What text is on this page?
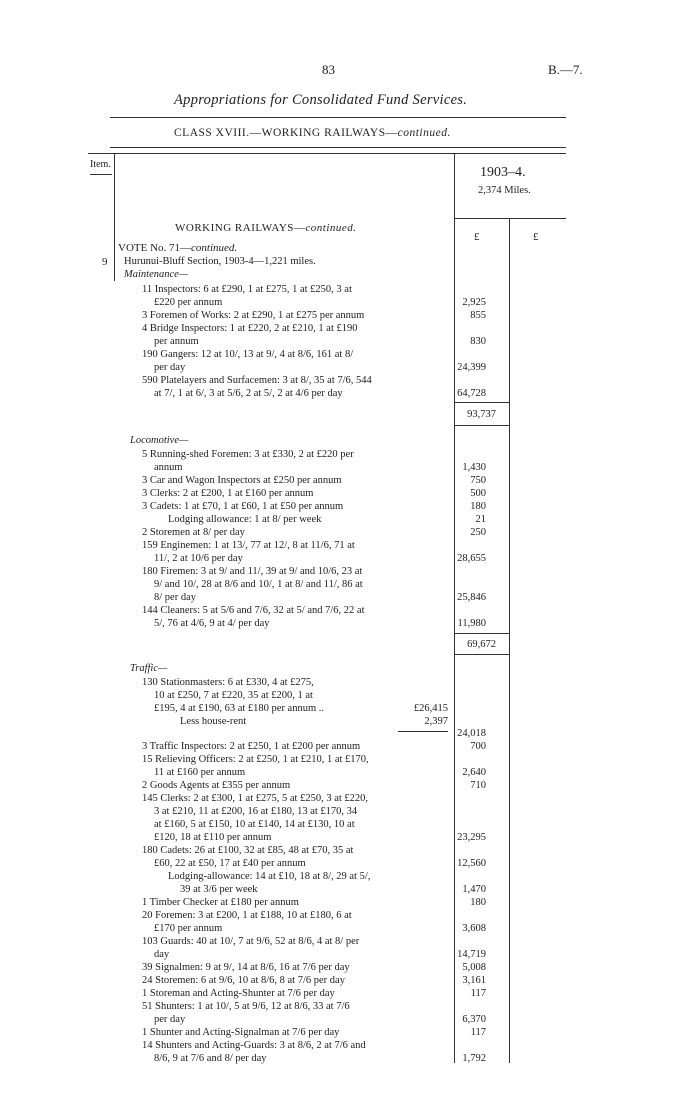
83	B.—7.
Appropriations for Consolidated Fund Services.
CLASS XVIII.—WORKING RAILWAYS—continued.
Item.
1903–4.
2,374 Miles.
£	£
WORKING RAILWAYS—continued.
VOTE No. 71—continued.
9 Hurunui-Bluff Section, 1903-4—1,221 miles.
Maintenance—
11 Inspectors: 6 at £290, 1 at £275, 1 at £250, 3 at
£220 per annum
3 Foremen of Works: 2 at £290, 1 at £275 per annum
4 Bridge Inspectors: 1 at £220, 2 at £210, 1 at £190
per annum
190 Gangers: 12 at 10/, 13 at 9/, 4 at 8/6, 161 at 8/
per day
590 Platelayers and Surfacemen: 3 at 8/, 35 at 7/6, 544
at 7/, 1 at 6/, 3 at 5/6, 2 at 5/, 2 at 4/6 per day
2,925
855
830
24,399
64,728
93,737
Locomotive—
5 Running-shed Foremen: 3 at £330, 2 at £220 per
annum
3 Car and Wagon Inspectors at £250 per annum
3 Clerks: 2 at £200, 1 at £160 per annum
3 Cadets: 1 at £70, 1 at £60, 1 at £50 per annum
Lodging allowance: 1 at 8/ per week
2 Storemen at 8/ per day
159 Enginemen: 1 at 13/, 77 at 12/, 8 at 11/6, 71 at
11/, 2 at 10/6 per day
180 Firemen: 3 at 9/ and 11/, 39 at 9/ and 10/6, 23 at
9/ and 10/, 28 at 8/6 and 10/, 1 at 8/ and 11/, 86 at
8/ per day
144 Cleaners: 5 at 5/6 and 7/6, 32 at 5/ and 7/6, 22 at
5/, 76 at 4/6, 9 at 4/ per day
1,430
750
500
180
21
250
28,655
25,846
11,980
69,672
Traffic—
130 Stationmasters: 6 at £330, 4 at £275,
10 at £250, 7 at £220, 35 at £200, 1 at
£195, 4 at £190, 63 at £180 per annum ..
Less house-rent
£26,415
2,397
24,018
3 Traffic Inspectors: 2 at £250, 1 at £200 per annum
15 Relieving Officers: 2 at £250, 1 at £210, 1 at £170,
11 at £160 per annum
2 Goods Agents at £355 per annum
145 Clerks: 2 at £300, 1 at £275, 5 at £250, 3 at £220,
3 at £210, 11 at £200, 16 at £180, 13 at £170, 34
at £160, 5 at £150, 10 at £140, 14 at £130, 10 at
£120, 18 at £110 per annum
180 Cadets: 26 at £100, 32 at £85, 48 at £70, 35 at
£60, 22 at £50, 17 at £40 per annum
Lodging-allowance: 14 at £10, 18 at 8/, 29 at 5/,
39 at 3/6 per week
1 Timber Checker at £180 per annum
20 Foremen: 3 at £200, 1 at £188, 10 at £180, 6 at
£170 per annum
103 Guards: 40 at 10/, 7 at 9/6, 52 at 8/6, 4 at 8/ per
day
39 Signalmen: 9 at 9/, 14 at 8/6, 16 at 7/6 per day
24 Storemen: 6 at 9/6, 10 at 8/6, 8 at 7/6 per day
1 Storeman and Acting-Shunter at 7/6 per day
51 Shunters: 1 at 10/, 5 at 9/6, 12 at 8/6, 33 at 7/6
per day
1 Shunter and Acting-Signalman at 7/6 per day
14 Shunters and Acting-Guards: 3 at 8/6, 2 at 7/6 and
8/6, 9 at 7/6 and 8/ per day
700
2,640
710
23,295
12,560
1,470
180
3,608
14,719
5,008
3,161
117
6,370
117
1,792
